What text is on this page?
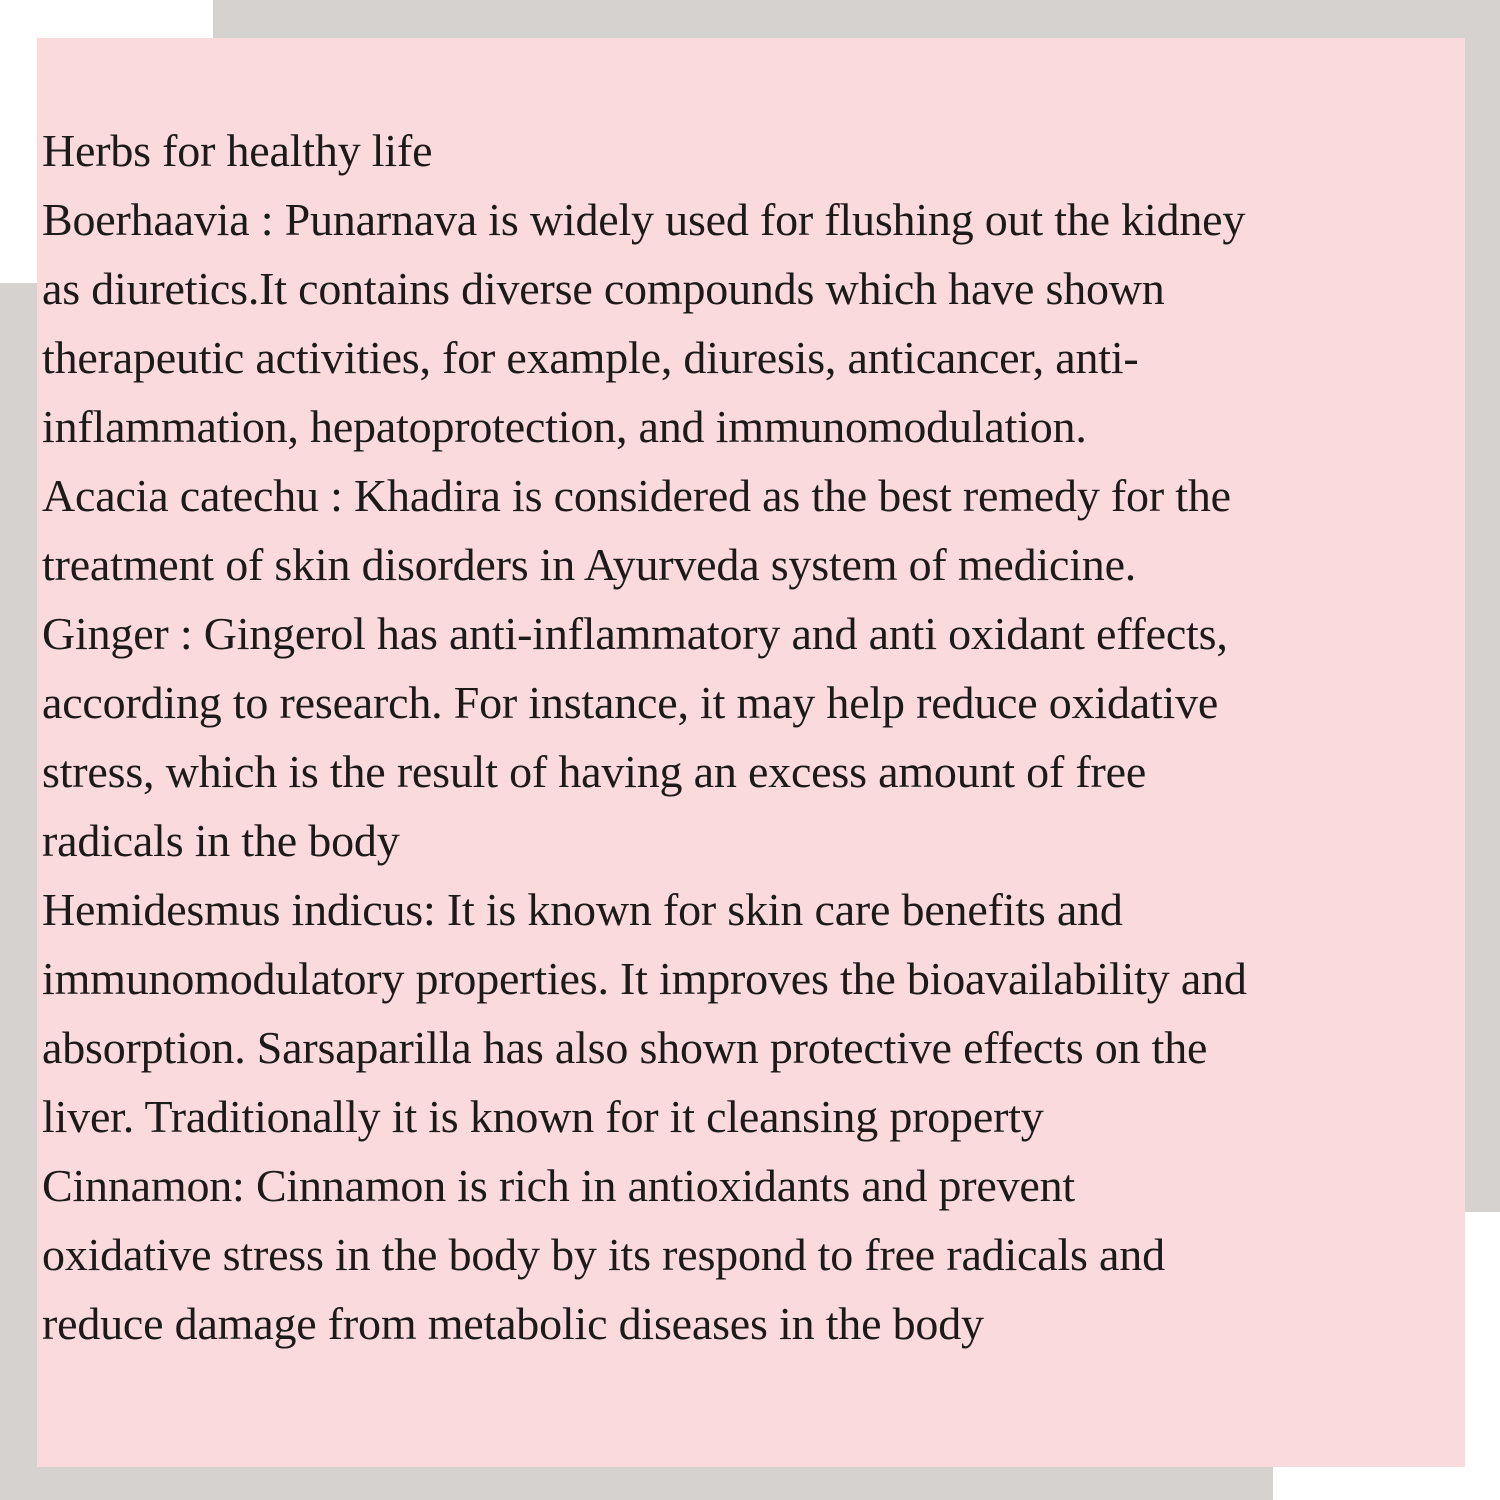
Herbs for healthy life
Boerhaavia : Punarnava is widely used for flushing out the kidney
as diuretics.It contains diverse compounds which have shown
therapeutic activities, for example, diuresis, anticancer, anti-
inflammation, hepatoprotection, and immunomodulation.
Acacia catechu : Khadira is considered as the best remedy for the
treatment of skin disorders in Ayurveda system of medicine.
Ginger : Gingerol has anti-inflammatory and anti oxidant effects,
according to research. For instance, it may help reduce oxidative
stress, which is the result of having an excess amount of free
radicals in the body
Hemidesmus indicus: It is known for skin care benefits and
immunomodulatory properties. It improves the bioavailability and
absorption. Sarsaparilla has also shown protective effects on the
liver. Traditionally it is known for it cleansing property
Cinnamon: Cinnamon is rich in antioxidants and prevent
oxidative stress in the body by its respond to free radicals and
reduce damage from metabolic diseases in the body
